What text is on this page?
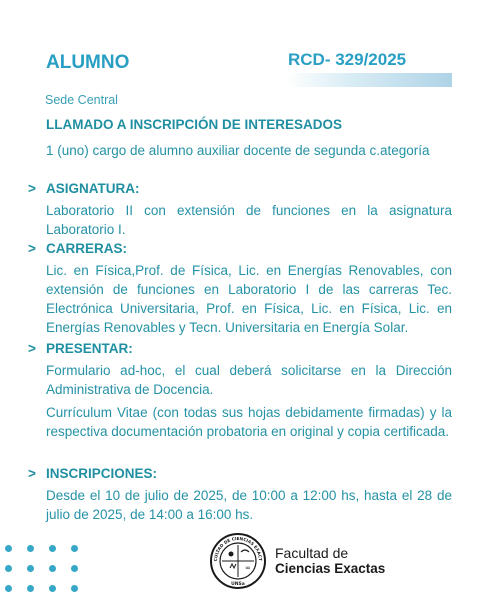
ALUMNO	RCD- 329/2025
Sede Central
LLAMADO A INSCRIPCIÓN DE INTERESADOS
1 (uno) cargo de alumno auxiliar docente de segunda c.ategoría
> ASIGNATURA:
Laboratorio II con extensión de funciones en la asignatura Laboratorio I.
> CARRERAS:
Lic. en Física,Prof. de Física, Lic. en Energías Renovables, con extensión de funciones en Laboratorio I de las carreras Tec. Electrónica Universitaria, Prof. en Física, Lic. en Física, Lic. en Energías Renovables y Tecn. Universitaria en Energía Solar.
> PRESENTAR:
Formulario ad-hoc, el cual deberá solicitarse en la Dirección Administrativa de Docencia.
Currículum Vitae (con todas sus hojas debidamente firmadas) y la respectiva documentación probatoria en original y copia certificada.
> INSCRIPCIONES:
Desde el 10 de julio de 2025, de 10:00 a 12:00 hs, hasta el 28 de julio de 2025, de 14:00 a 16:00 hs.
∞
CULTAD DE CIENCIAS EXACT
UNSa
Facultad de
Ciencias Exactas
